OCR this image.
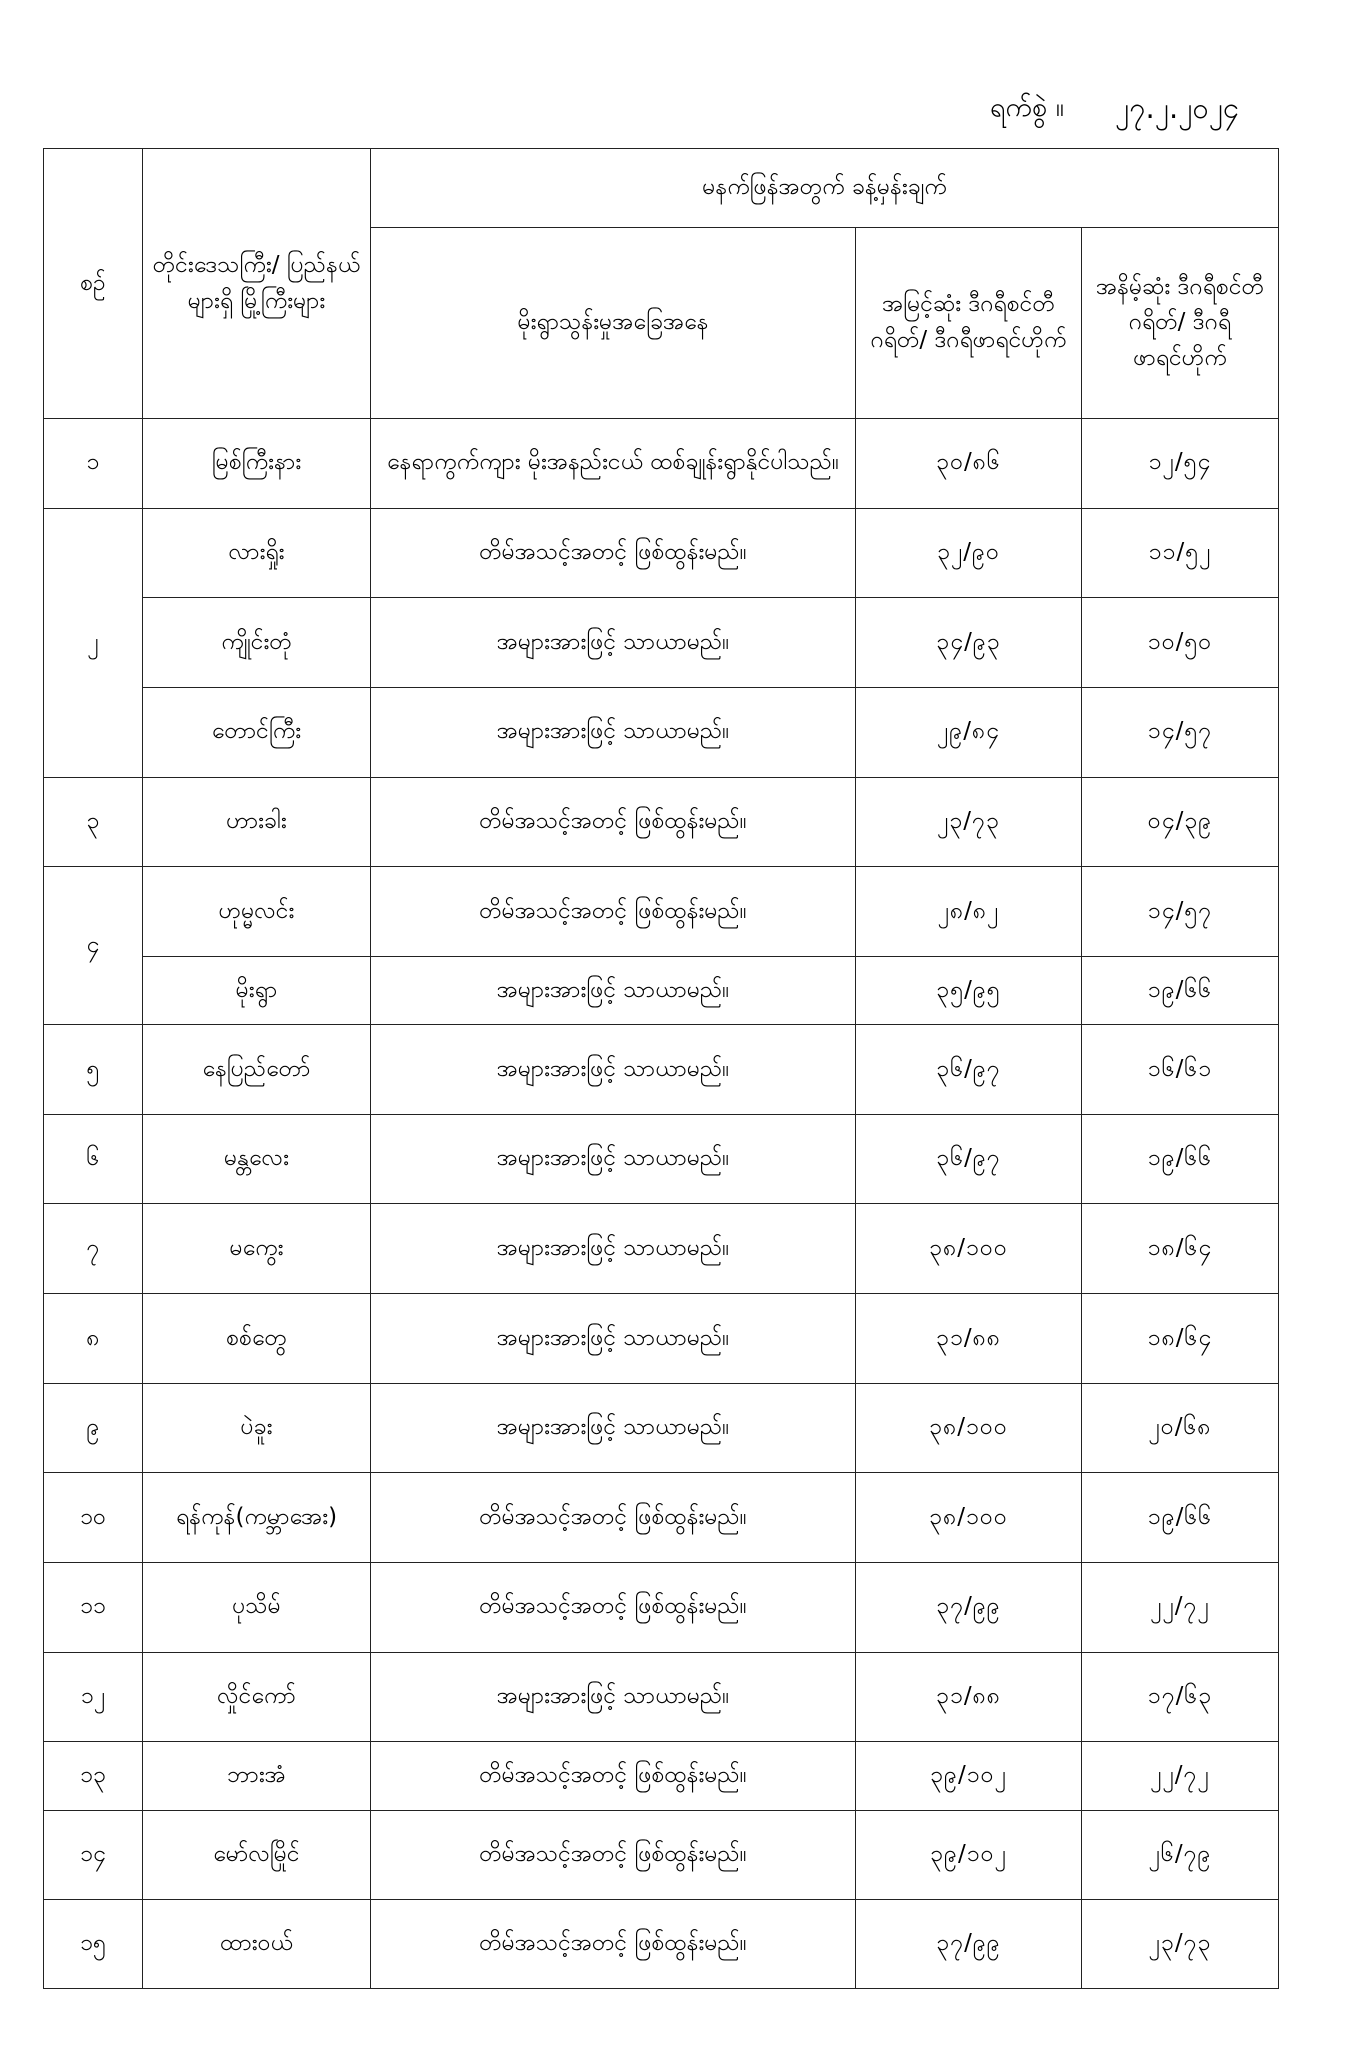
ရက်စွဲ ။ ၂၇.၂.၂၀၂၄
စဉ်	တိုင်းဒေသကြီး/ ပြည်နယ်များရှိ မြို့ကြီးများ	မနက်ဖြန်အတွက် ခန့်မှန်းချက်		
		မိုးရွာသွန်းမှုအခြေအနေ	အမြင့်ဆုံး ဒီဂရီစင်တီဂရိတ်/ ဒီဂရီဖာရင်ဟိုက်	အနိမ့်ဆုံး ဒီဂရီစင်တီဂရိတ်/ ဒီဂရီဖာရင်ဟိုက်
၁	မြစ်ကြီးနား	နေရာကွက်ကျား မိုးအနည်းငယ် ထစ်ချုန်းရွာနိုင်ပါသည်။	၃၀/၈၆	၁၂/၅၄
၂	လားရှိုး	တိမ်အသင့်အတင့် ဖြစ်ထွန်းမည်။	၃၂/၉၀	၁၁/၅၂
	ကျိုင်းတုံ	အများအားဖြင့် သာယာမည်။	၃၄/၉၃	၁၀/၅၀
	တောင်ကြီး	အများအားဖြင့် သာယာမည်။	၂၉/၈၄	၁၄/၅၇
၃	ဟားခါး	တိမ်အသင့်အတင့် ဖြစ်ထွန်းမည်။	၂၃/၇၃	၀၄/၃၉
၄	ဟုမ္မလင်း	တိမ်အသင့်အတင့် ဖြစ်ထွန်းမည်။	၂၈/၈၂	၁၄/၅၇
	မိုးရွာ	အများအားဖြင့် သာယာမည်။	၃၅/၉၅	၁၉/၆၆
၅	နေပြည်တော်	အများအားဖြင့် သာယာမည်။	၃၆/၉၇	၁၆/၆၁
၆	မန္တလေး	အများအားဖြင့် သာယာမည်။	၃၆/၉၇	၁၉/၆၆
၇	မကွေး	အများအားဖြင့် သာယာမည်။	၃၈/၁၀၀	၁၈/၆၄
၈	စစ်တွေ	အများအားဖြင့် သာယာမည်။	၃၁/၈၈	၁၈/၆၄
၉	ပဲခူး	အများအားဖြင့် သာယာမည်။	၃၈/၁၀၀	၂၀/၆၈
၁၀	ရန်ကုန်(ကမ္ဘာအေး)	တိမ်အသင့်အတင့် ဖြစ်ထွန်းမည်။	၃၈/၁၀၀	၁၉/၆၆
၁၁	ပုသိမ်	တိမ်အသင့်အတင့် ဖြစ်ထွန်းမည်။	၃၇/၉၉	၂၂/၇၂
၁၂	လှိုင်ကော်	အများအားဖြင့် သာယာမည်။	၃၁/၈၈	၁၇/၆၃
၁၃	ဘားအံ	တိမ်အသင့်အတင့် ဖြစ်ထွန်းမည်။	၃၉/၁၀၂	၂၂/၇၂
၁၄	မော်လမြိုင်	တိမ်အသင့်အတင့် ဖြစ်ထွန်းမည်။	၃၉/၁၀၂	၂၆/၇၉
၁၅	ထားဝယ်	တိမ်အသင့်အတင့် ဖြစ်ထွန်းမည်။	၃၇/၉၉	၂၃/၇၃
